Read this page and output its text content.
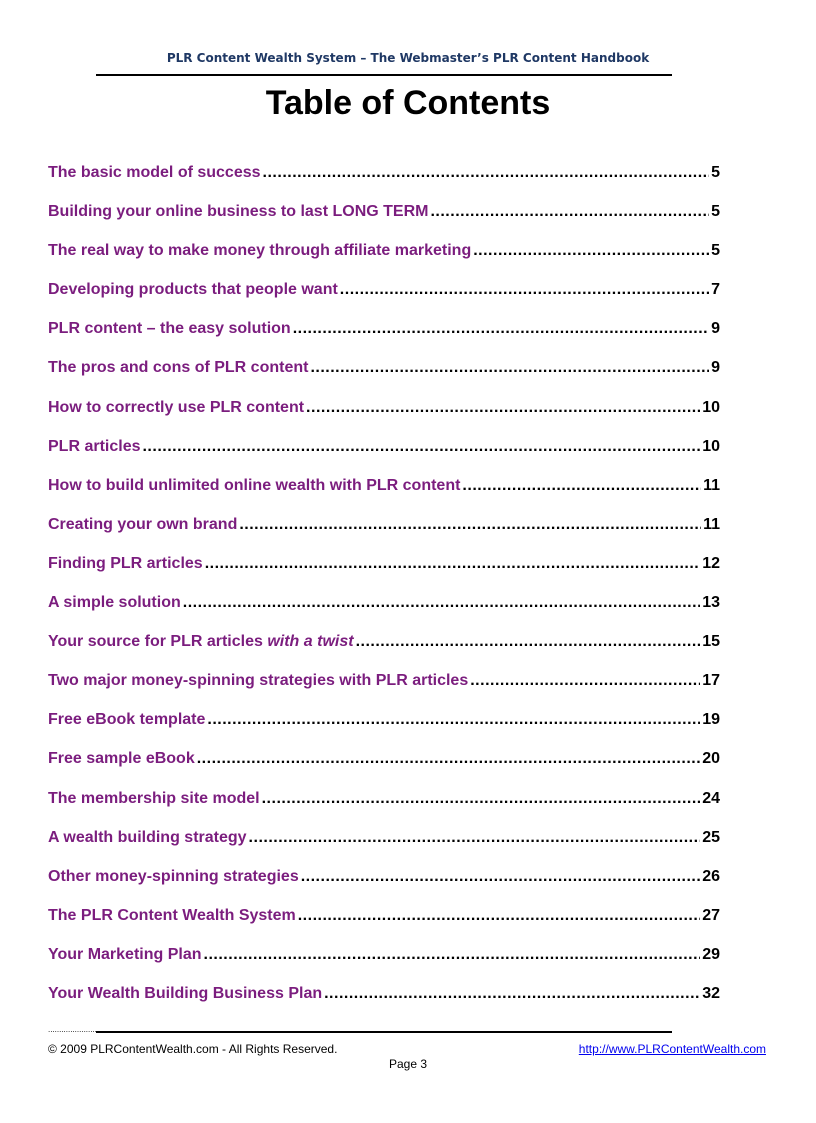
PLR Content Wealth System – The Webmaster’s PLR Content Handbook
Table of Contents
The basic model of success .....	5
Building your online business to last LONG TERM .....	5
The real way to make money through affiliate marketing .....	5
Developing products that people want .....	7
PLR content – the easy solution .....	9
The pros and cons of PLR content .....	9
How to correctly use PLR content .....	10
PLR articles .....	10
How to build unlimited online wealth with PLR content .....	11
Creating your own brand .....	11
Finding PLR articles .....	12
A simple solution .....	13
Your source for PLR articles with a twist .....	15
Two major money-spinning strategies with PLR articles .....	17
Free eBook template .....	19
Free sample eBook .....	20
The membership site model .....	24
A wealth building strategy .....	25
Other money-spinning strategies .....	26
The PLR Content Wealth System .....	27
Your Marketing Plan .....	29
Your Wealth Building Business Plan .....	32
.....
© 2009 PLRContentWealth.com - All Rights Reserved.	http://www.PLRContentWealth.com
Page 3
